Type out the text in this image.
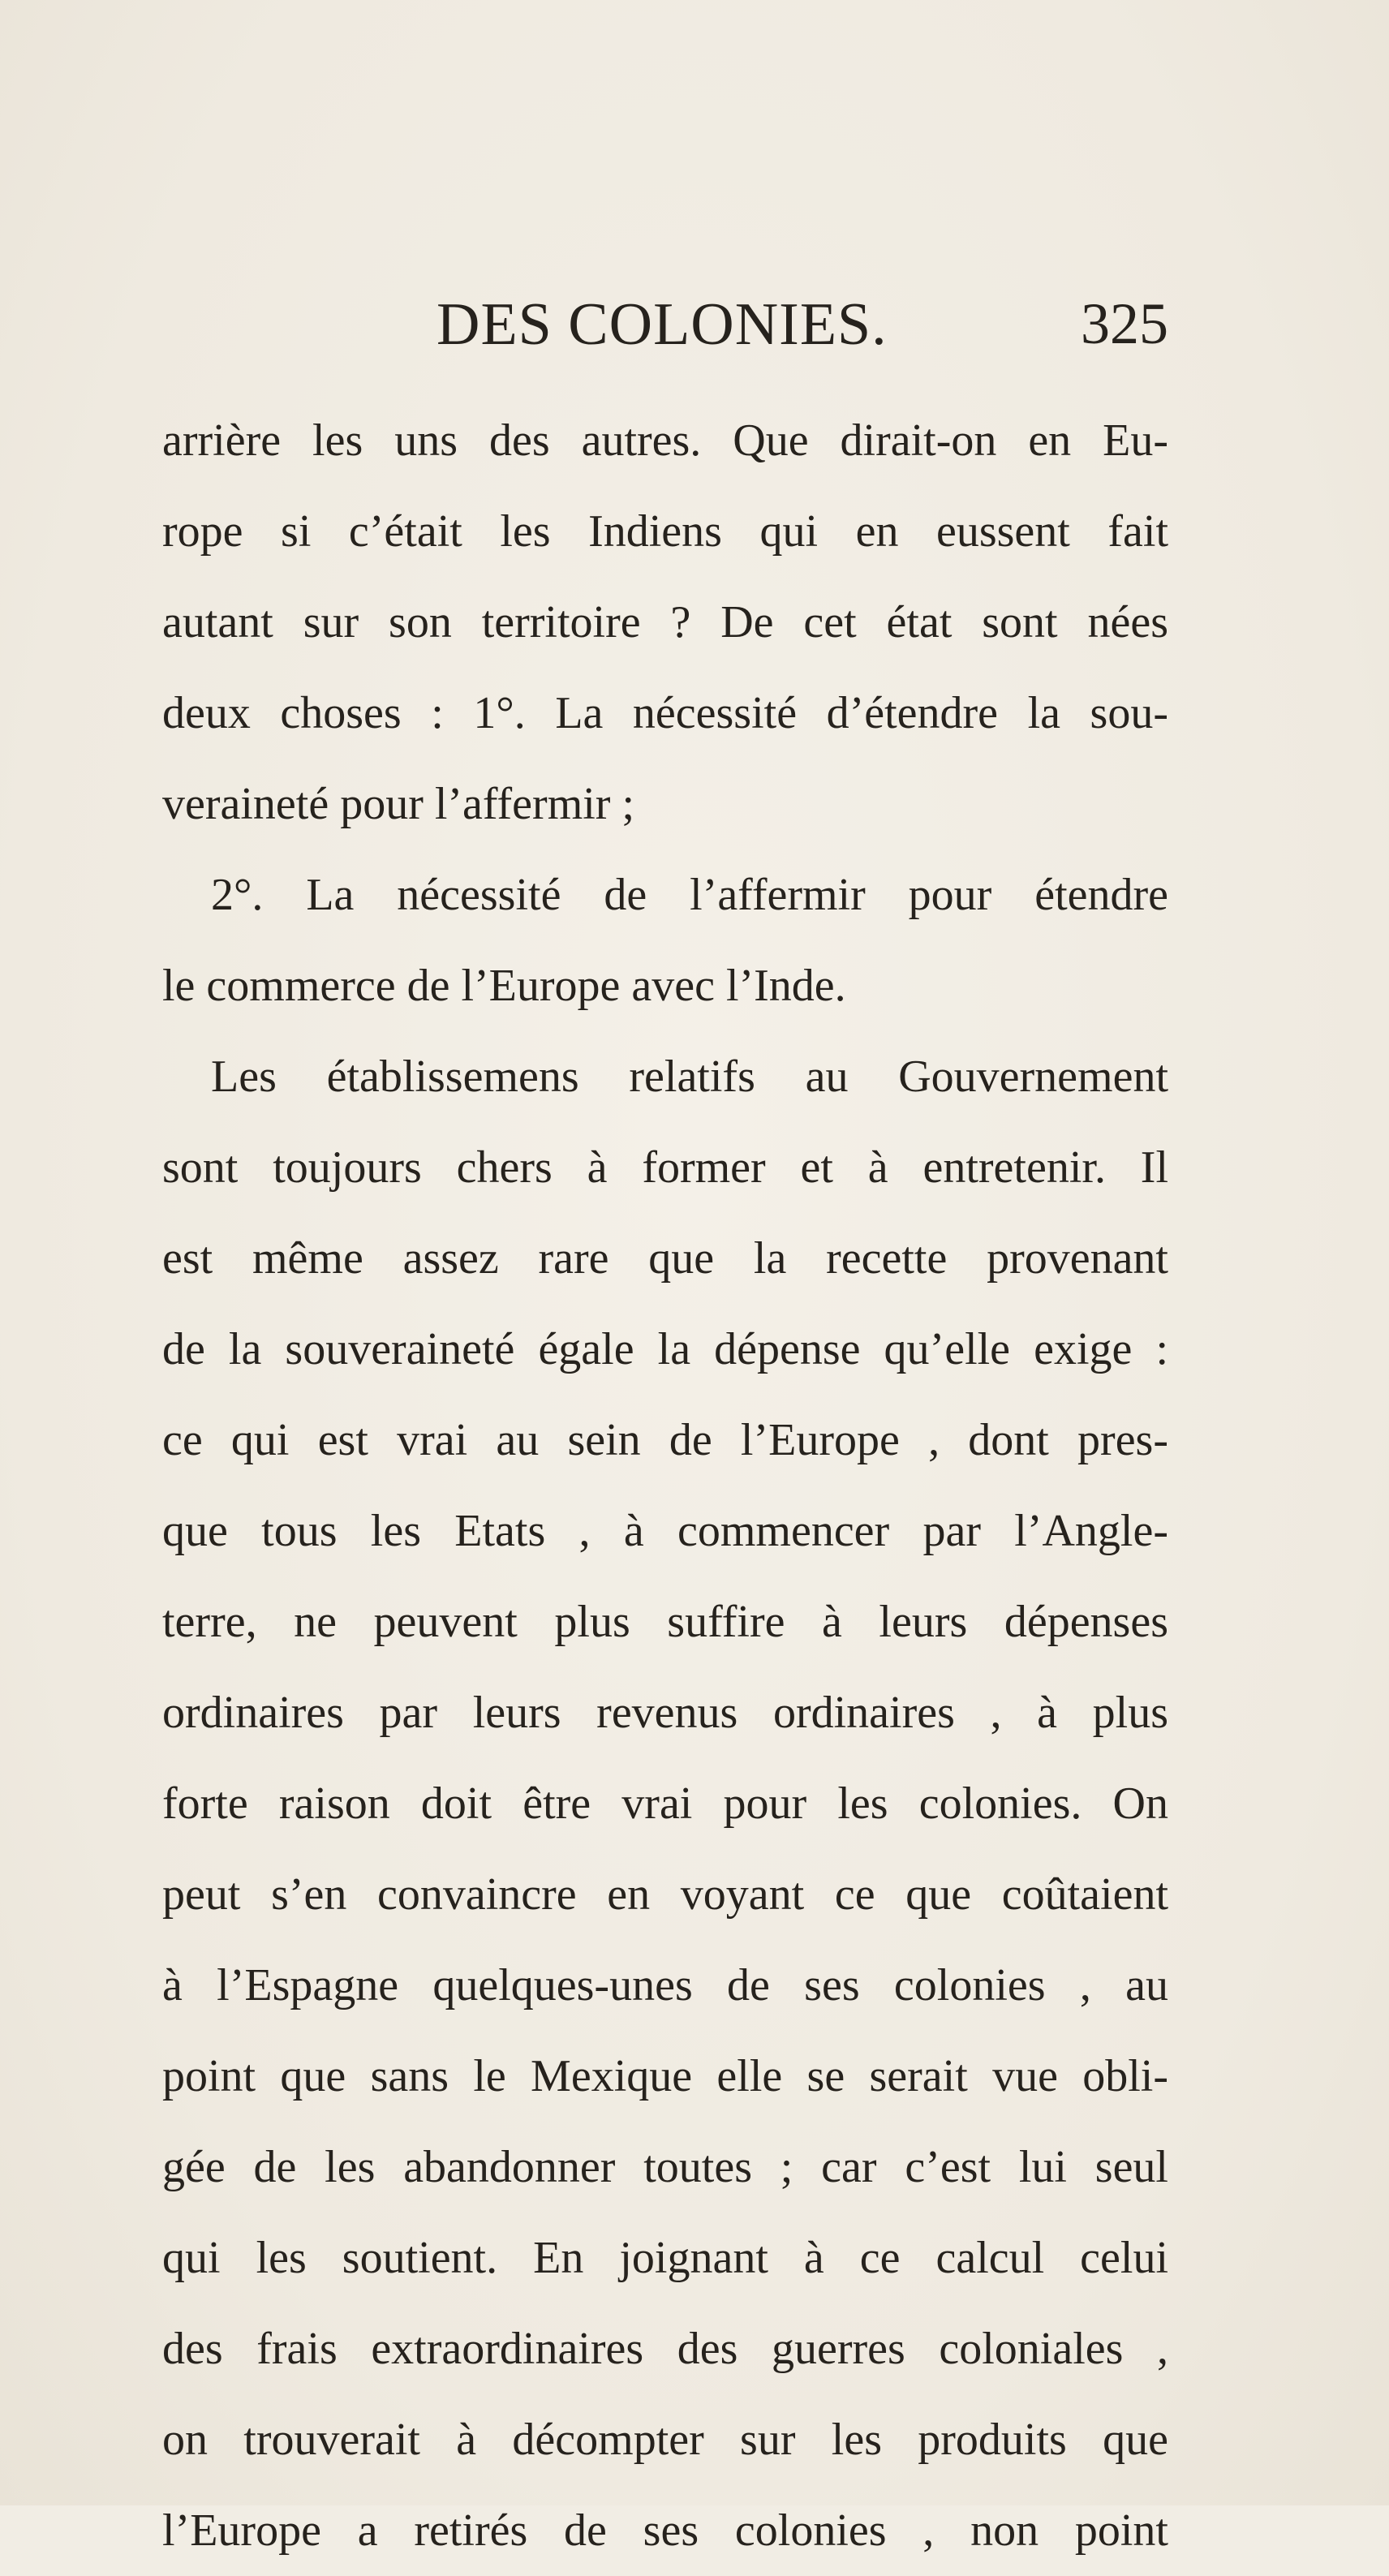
DES COLONIES.	325
arrière les uns des autres. Que dirait-on en Eu-
rope si c’était les Indiens qui en eussent fait
autant sur son territoire ? De cet état sont nées
deux choses : 1°. La nécessité d’étendre la sou-
veraineté pour l’affermir ;
2°. La nécessité de l’affermir pour étendre
le commerce de l’Europe avec l’Inde.
Les établissemens relatifs au Gouvernement
sont toujours chers à former et à entretenir. Il
est même assez rare que la recette provenant
de la souveraineté égale la dépense qu’elle exige :
ce qui est vrai au sein de l’Europe , dont pres-
que tous les Etats , à commencer par l’Angle-
terre, ne peuvent plus suffire à leurs dépenses
ordinaires par leurs revenus ordinaires , à plus
forte raison doit être vrai pour les colonies. On
peut s’en convaincre en voyant ce que coûtaient
à l’Espagne quelques-unes de ses colonies , au
point que sans le Mexique elle se serait vue obli-
gée de les abandonner toutes ; car c’est lui seul
qui les soutient. En joignant à ce calcul celui
des frais extraordinaires des guerres coloniales ,
on trouverait à décompter sur les produits que
l’Europe a retirés de ses colonies , non point
